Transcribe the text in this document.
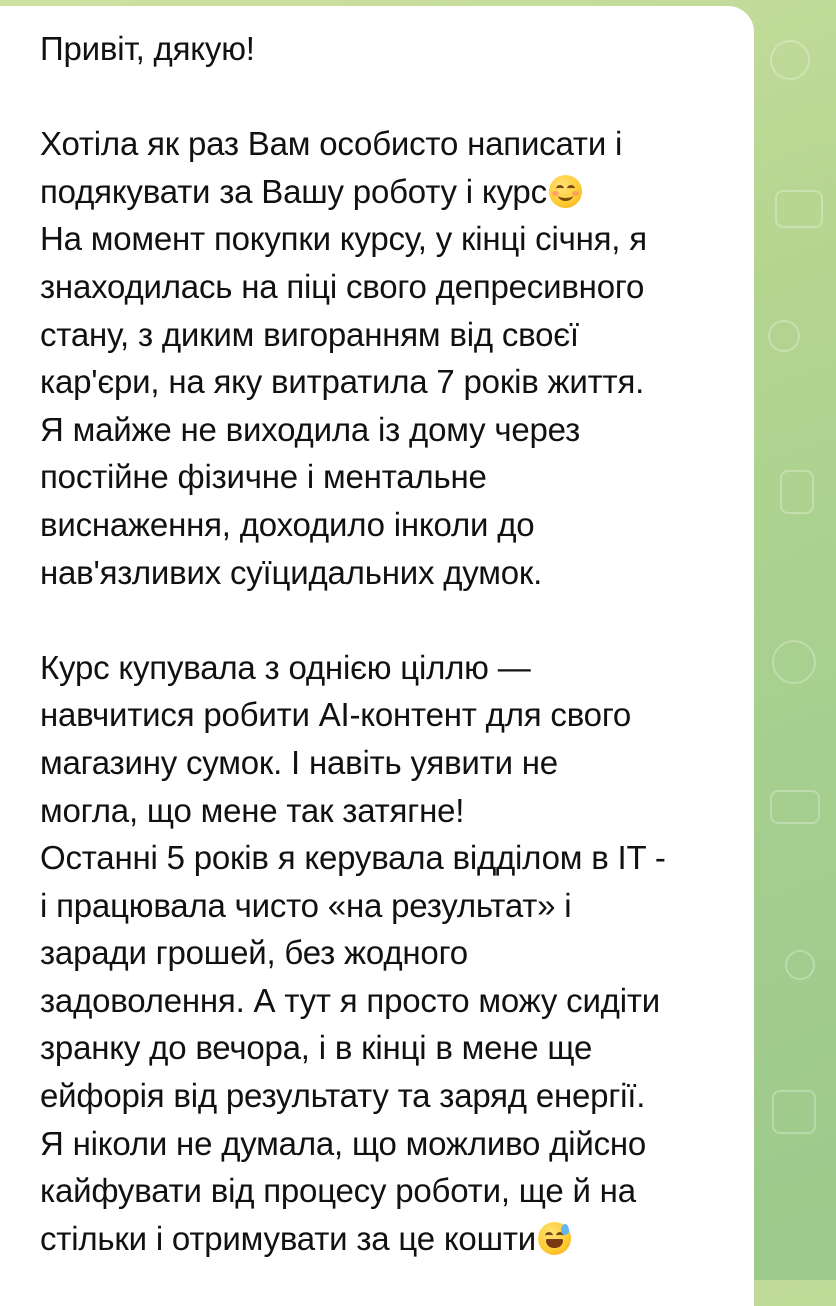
Привіт, дякую!

Хотіла як раз Вам особисто написати і
подякувати за Вашу роботу і курс

На момент покупки курсу, у кінці січня, я
знаходилась на піці свого депресивного
стану, з диким вигоранням від своєї
кар'єри, на яку витратила 7 років життя.
Я майже не виходила із дому через
постійне фізичне і ментальне
виснаження, доходило інколи до
нав'язливих суїцидальних думок.

Курс купувала з однією ціллю —
навчитися робити AI-контент для свого
магазину сумок. І навіть уявити не
могла, що мене так затягне!
Останні 5 років я керувала відділом в IT -
і працювала чисто «на результат» і
заради грошей, без жодного
задоволення. А тут я просто можу сидіти
зранку до вечора, і в кінці в мене ще
ейфорія від результату та заряд енергії.
Я ніколи не думала, що можливо дійсно
кайфувати від процесу роботи, ще й на
стільки і отримувати за це кошти
